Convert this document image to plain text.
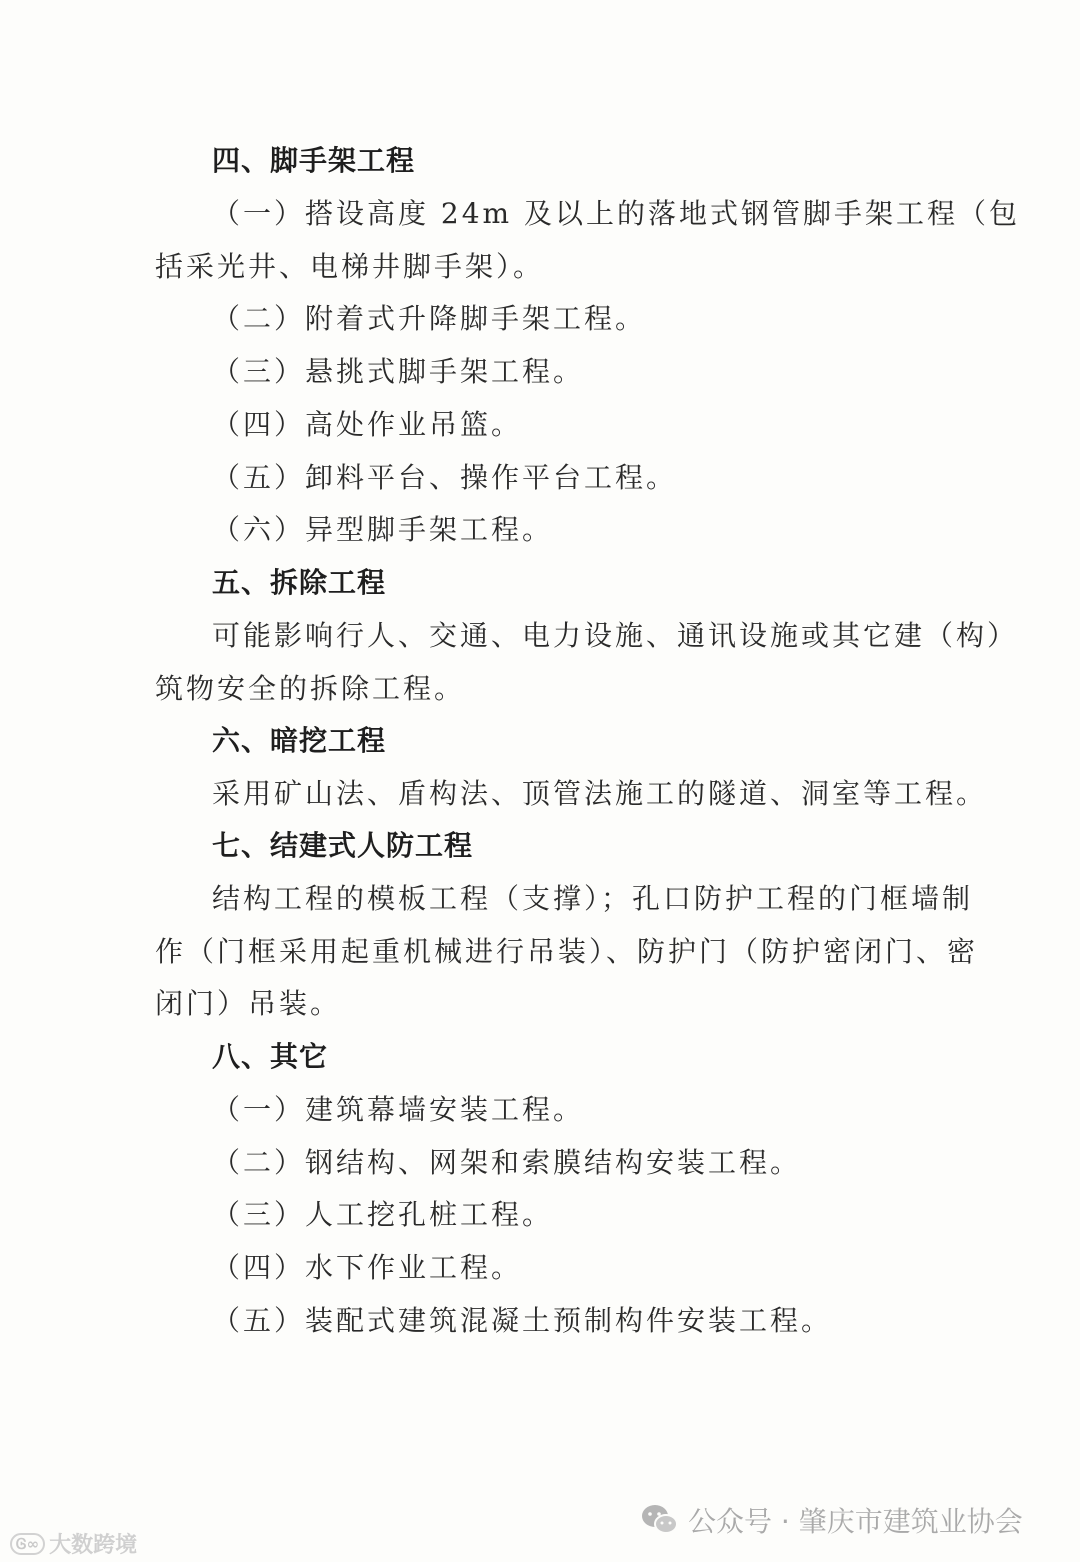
四、脚手架工程
（一）搭设高度 24m 及以上的落地式钢管脚手架工程（包
括采光井、电梯井脚手架）。
（二）附着式升降脚手架工程。
（三）悬挑式脚手架工程。
（四）高处作业吊篮。
（五）卸料平台、操作平台工程。
（六）异型脚手架工程。
五、拆除工程
可能影响行人、交通、电力设施、通讯设施或其它建（构）
筑物安全的拆除工程。
六、暗挖工程
采用矿山法、盾构法、顶管法施工的隧道、洞室等工程。
七、结建式人防工程
结构工程的模板工程（支撑）；孔口防护工程的门框墙制
作（门框采用起重机械进行吊装）、防护门（防护密闭门、密
闭门）吊装。
八、其它
（一）建筑幕墙安装工程。
（二）钢结构、网架和索膜结构安装工程。
（三）人工挖孔桩工程。
（四）水下作业工程。
（五）装配式建筑混凝土预制构件安装工程。
Ꮆ∞ 大数跨境
公众号 · 肇庆市建筑业协会
